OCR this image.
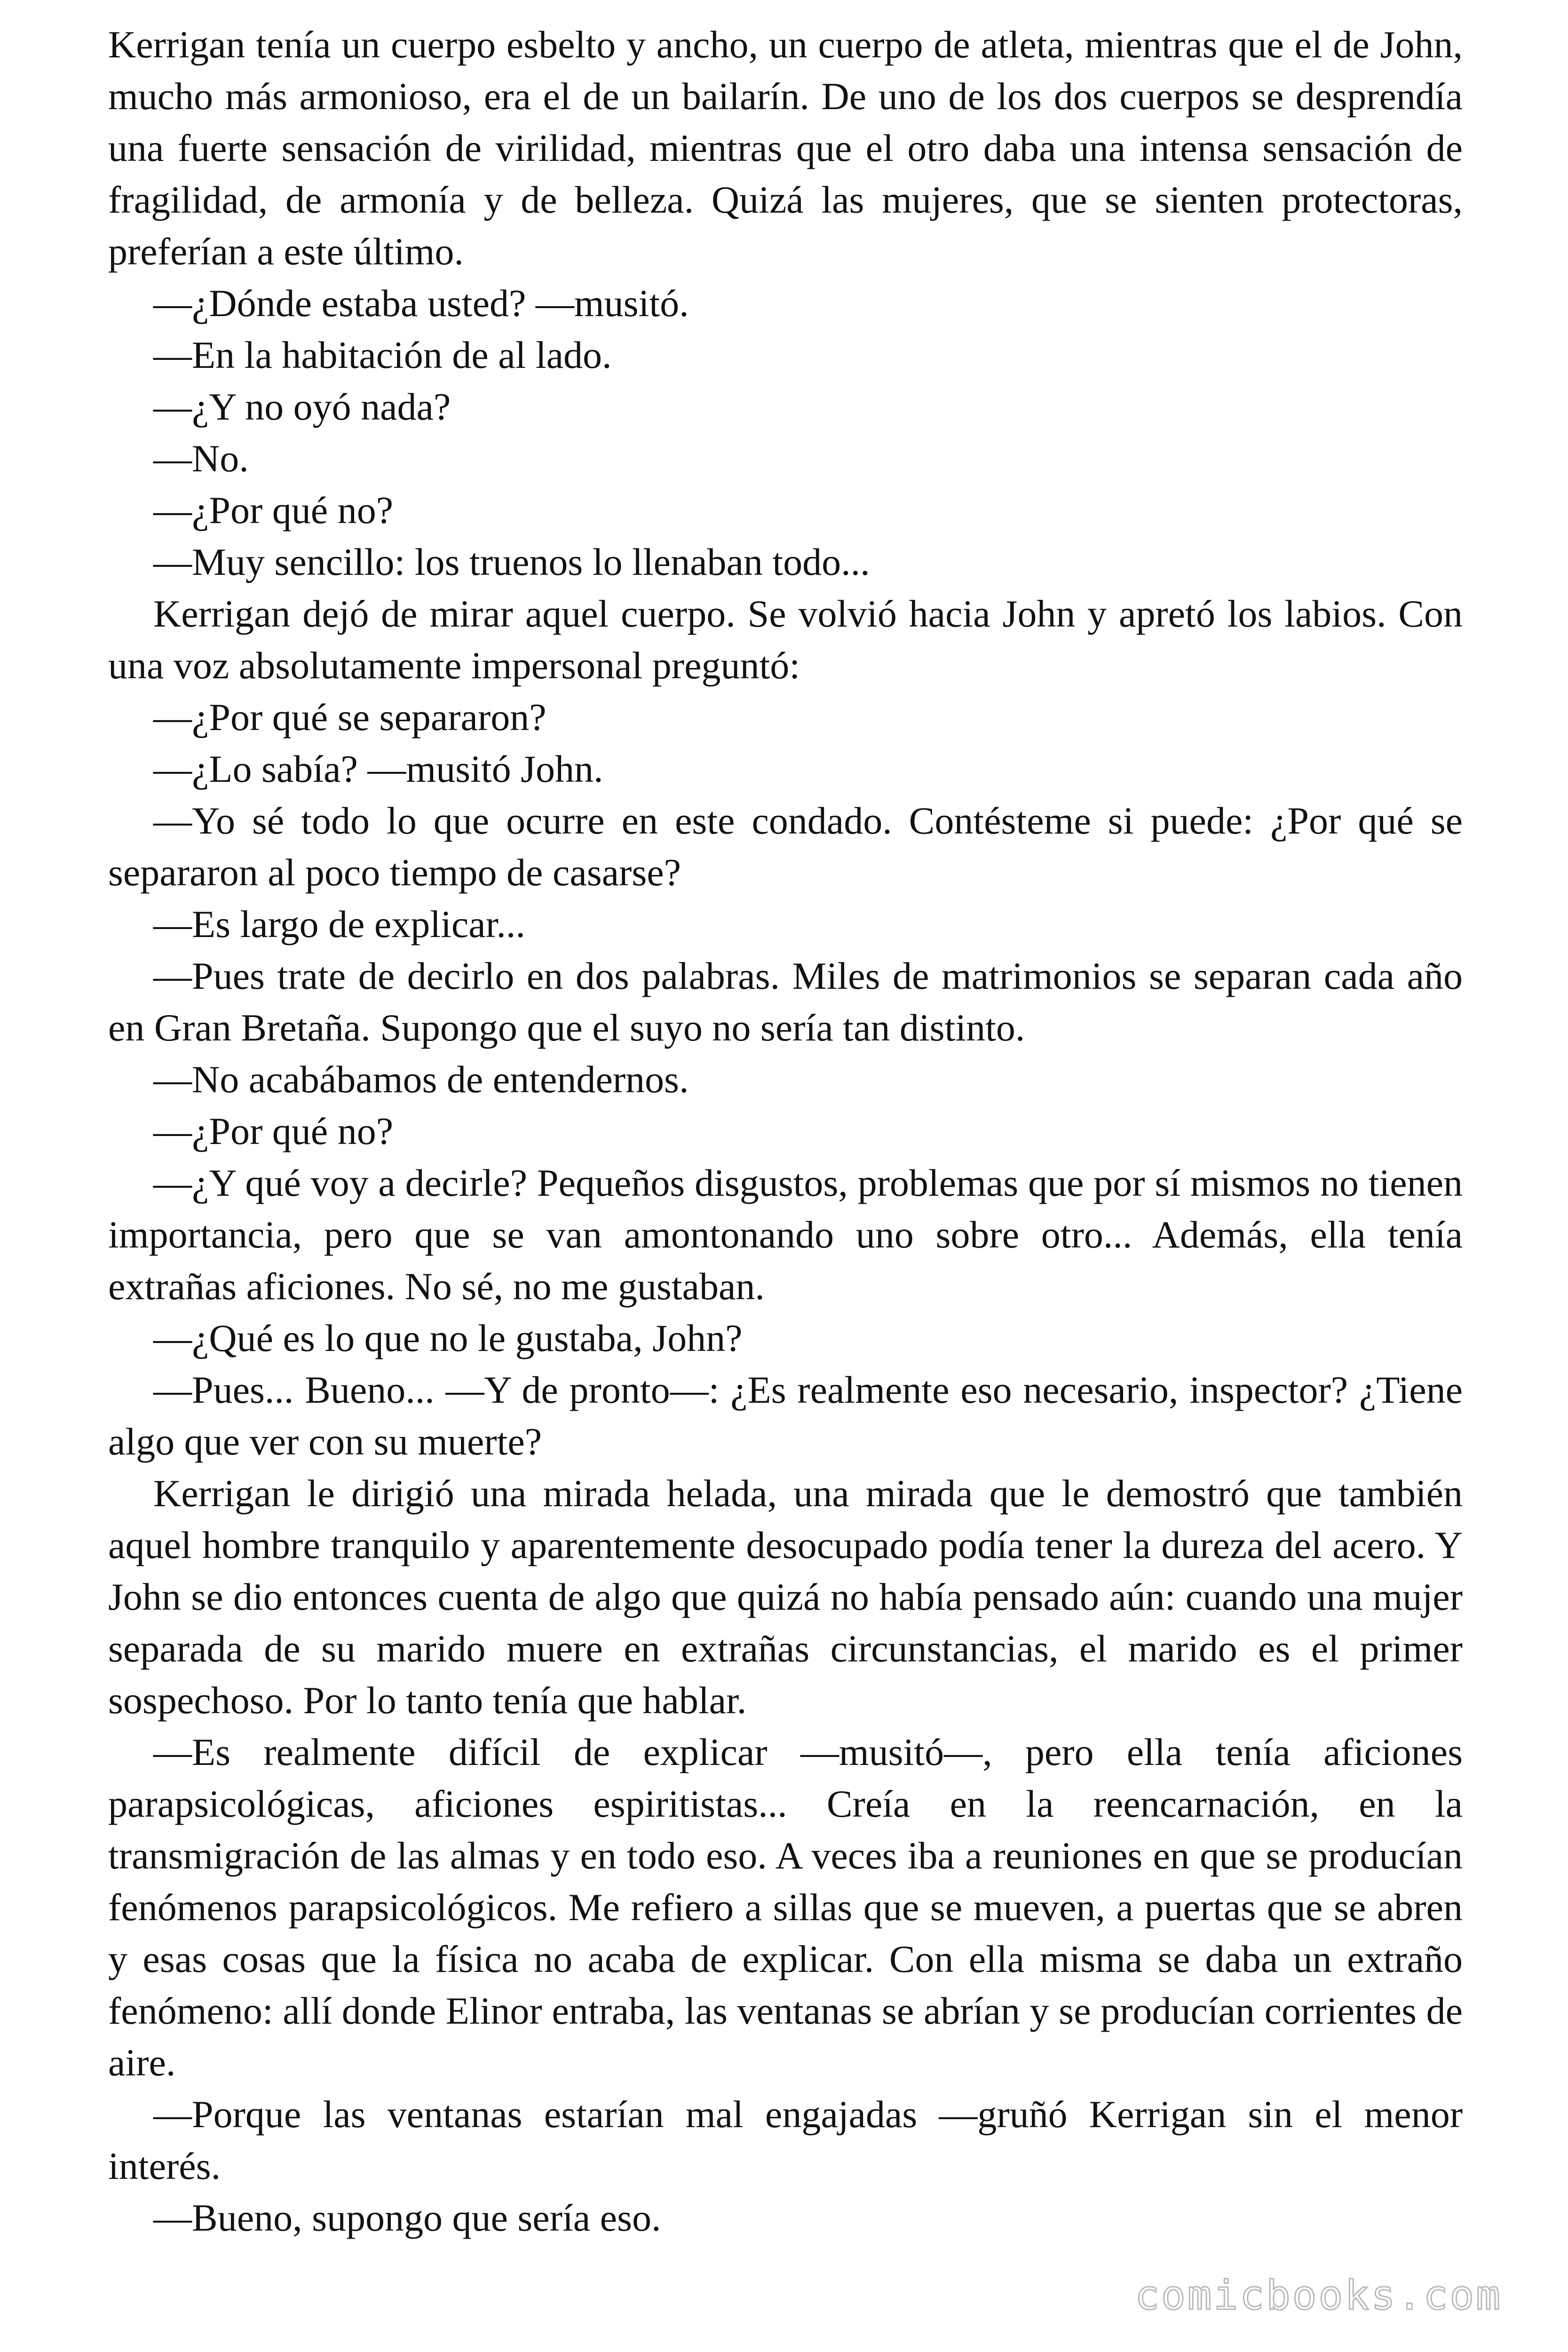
Kerrigan tenía un cuerpo esbelto y ancho, un cuerpo de atleta, mientras que el de John, mucho más armonioso, era el de un bailarín. De uno de los dos cuerpos se desprendía una fuerte sensación de virilidad, mientras que el otro daba una intensa sensación de fragilidad, de armonía y de belleza. Quizá las mujeres, que se sienten protectoras, preferían a este último.

—¿Dónde estaba usted? —musitó.

—En la habitación de al lado.

—¿Y no oyó nada?

—No.

—¿Por qué no?

—Muy sencillo: los truenos lo llenaban todo...

Kerrigan dejó de mirar aquel cuerpo. Se volvió hacia John y apretó los labios. Con una voz absolutamente impersonal preguntó:

—¿Por qué se separaron?

—¿Lo sabía? —musitó John.

—Yo sé todo lo que ocurre en este condado. Contésteme si puede: ¿Por qué se separaron al poco tiempo de casarse?

—Es largo de explicar...

—Pues trate de decirlo en dos palabras. Miles de matrimonios se separan cada año en Gran Bretaña. Supongo que el suyo no sería tan distinto.

—No acabábamos de entendernos.

—¿Por qué no?

—¿Y qué voy a decirle? Pequeños disgustos, problemas que por sí mismos no tienen importancia, pero que se van amontonando uno sobre otro... Además, ella tenía extrañas aficiones. No sé, no me gustaban.

—¿Qué es lo que no le gustaba, John?

—Pues... Bueno... —Y de pronto—: ¿Es realmente eso necesario, inspector? ¿Tiene algo que ver con su muerte?

Kerrigan le dirigió una mirada helada, una mirada que le demostró que también aquel hombre tranquilo y aparentemente desocupado podía tener la dureza del acero. Y John se dio entonces cuenta de algo que quizá no había pensado aún: cuando una mujer separada de su marido muere en extrañas circunstancias, el marido es el primer sospechoso. Por lo tanto tenía que hablar.

—Es realmente difícil de explicar —musitó—, pero ella tenía aficiones parapsicológicas, aficiones espiritistas... Creía en la reencarnación, en la transmigración de las almas y en todo eso. A veces iba a reuniones en que se producían fenómenos parapsicológicos. Me refiero a sillas que se mueven, a puertas que se abren y esas cosas que la física no acaba de explicar. Con ella misma se daba un extraño fenómeno: allí donde Elinor entraba, las ventanas se abrían y se producían corrientes de aire.

—Porque las ventanas estarían mal engajadas —gruñó Kerrigan sin el menor interés.

—Bueno, supongo que sería eso.

comicbooks.com
